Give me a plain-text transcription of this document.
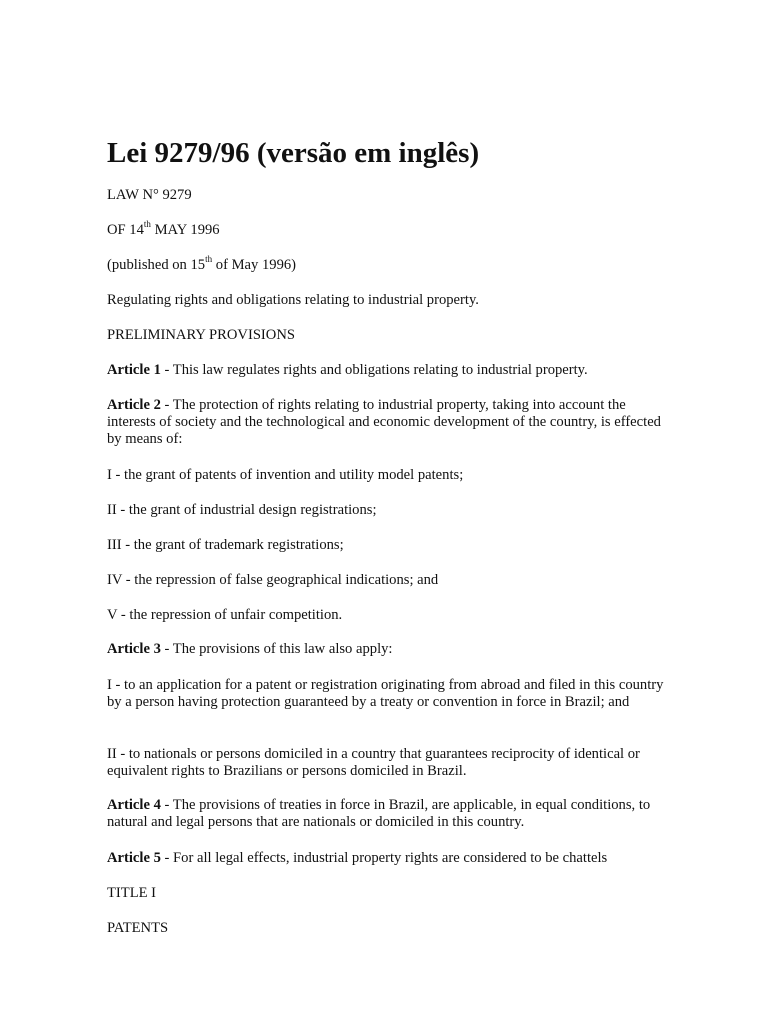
Lei 9279/96 (versão em inglês)

LAW N° 9279

OF 14th MAY 1996

(published on 15th of May 1996)

Regulating rights and obligations relating to industrial property.

PRELIMINARY PROVISIONS

Article 1 - This law regulates rights and obligations relating to industrial property.

Article 2 - The protection of rights relating to industrial property, taking into account the interests of society and the technological and economic development of the country, is effected by means of:

I - the grant of patents of invention and utility model patents;

II - the grant of industrial design registrations;

III - the grant of trademark registrations;

IV - the repression of false geographical indications; and

V - the repression of unfair competition.

Article 3 - The provisions of this law also apply:

I - to an application for a patent or registration originating from abroad and filed in this country by a person having protection guaranteed by a treaty or convention in force in Brazil; and

II - to nationals or persons domiciled in a country that guarantees reciprocity of identical or equivalent rights to Brazilians or persons domiciled in Brazil.

Article 4 - The provisions of treaties in force in Brazil, are applicable, in equal conditions, to natural and legal persons that are nationals or domiciled in this country.

Article 5 - For all legal effects, industrial property rights are considered to be chattels

TITLE I

PATENTS
